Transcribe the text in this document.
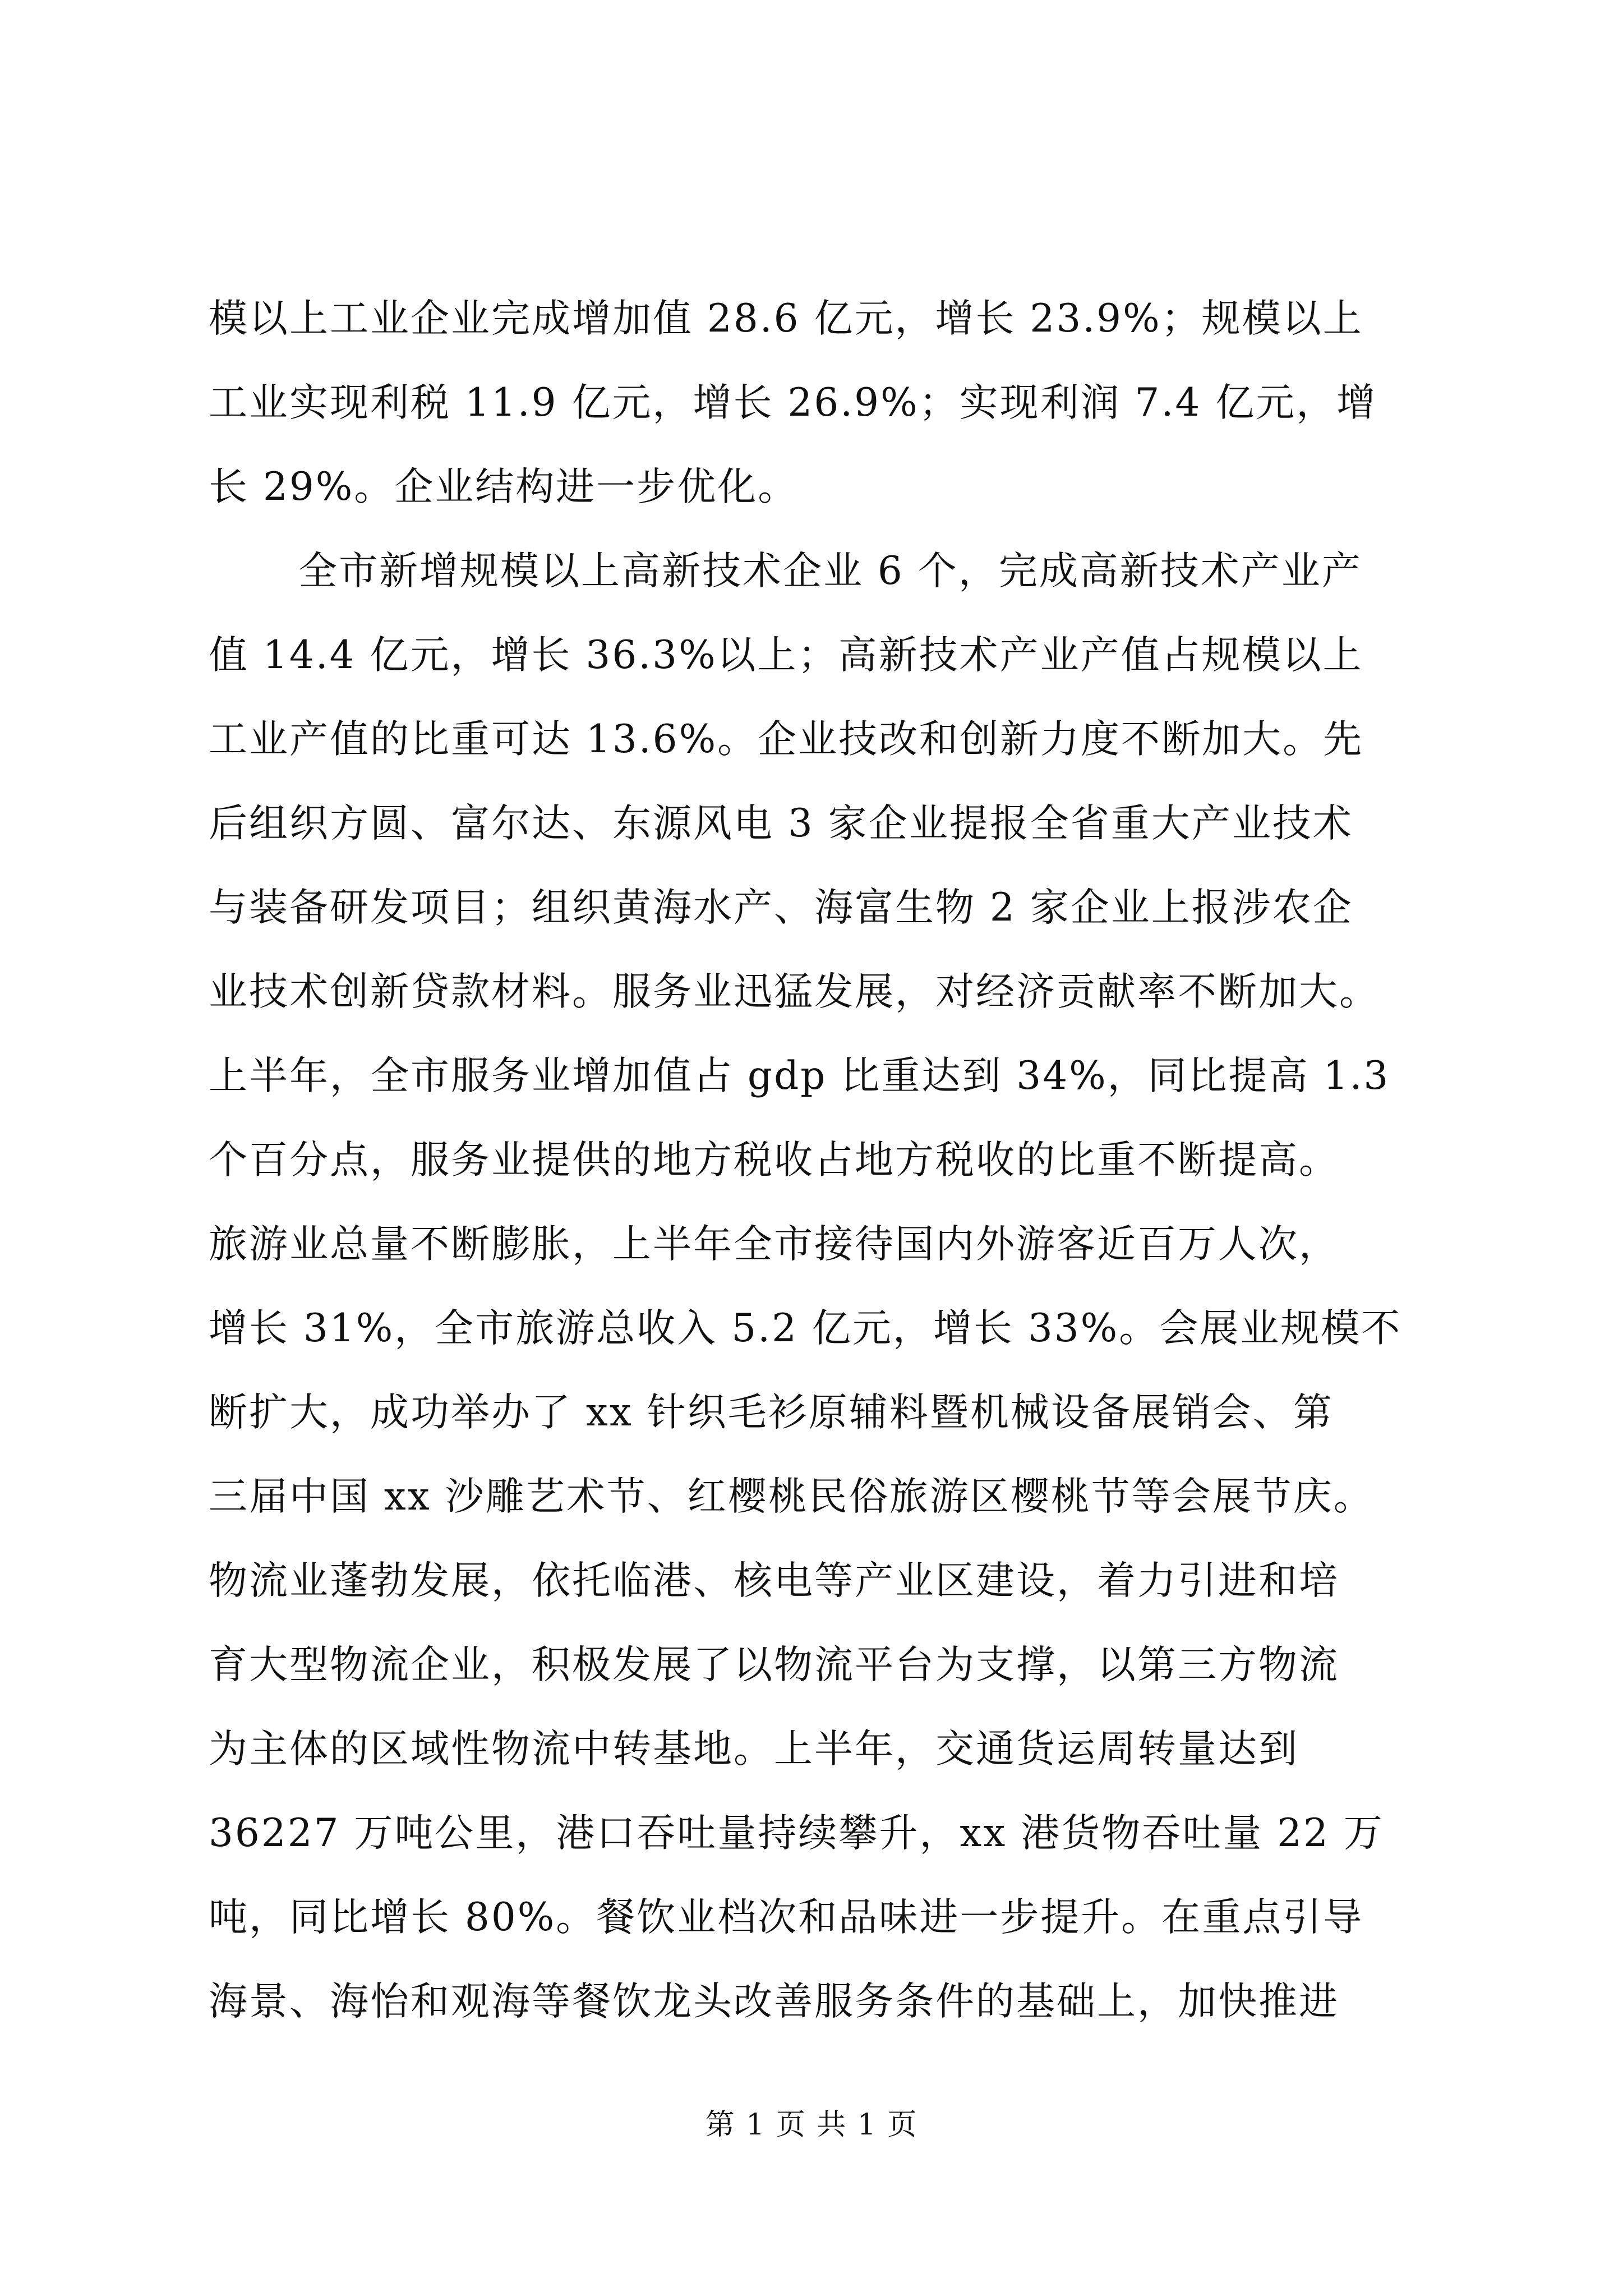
模以上工业企业完成增加值 28.6 亿元，增长 23.9%；规模以上
工业实现利税 11.9 亿元，增长 26.9%；实现利润 7.4 亿元，增
长 29%。企业结构进一步优化。
全市新增规模以上高新技术企业 6 个，完成高新技术产业产
值 14.4 亿元，增长 36.3%以上；高新技术产业产值占规模以上
工业产值的比重可达 13.6%。企业技改和创新力度不断加大。先
后组织方圆、富尔达、东源风电 3 家企业提报全省重大产业技术
与装备研发项目；组织黄海水产、海富生物 2 家企业上报涉农企
业技术创新贷款材料。服务业迅猛发展，对经济贡献率不断加大。
上半年，全市服务业增加值占 gdp 比重达到 34%，同比提高 1.3
个百分点，服务业提供的地方税收占地方税收的比重不断提高。
旅游业总量不断膨胀，上半年全市接待国内外游客近百万人次，
增长 31%，全市旅游总收入 5.2 亿元，增长 33%。会展业规模不
断扩大，成功举办了 xx 针织毛衫原辅料暨机械设备展销会、第
三届中国 xx 沙雕艺术节、红樱桃民俗旅游区樱桃节等会展节庆。
物流业蓬勃发展，依托临港、核电等产业区建设，着力引进和培
育大型物流企业，积极发展了以物流平台为支撑，以第三方物流
为主体的区域性物流中转基地。上半年，交通货运周转量达到
36227 万吨公里，港口吞吐量持续攀升，xx 港货物吞吐量 22 万
吨，同比增长 80%。餐饮业档次和品味进一步提升。在重点引导
海景、海怡和观海等餐饮龙头改善服务条件的基础上，加快推进
第 1 页 共 1 页
